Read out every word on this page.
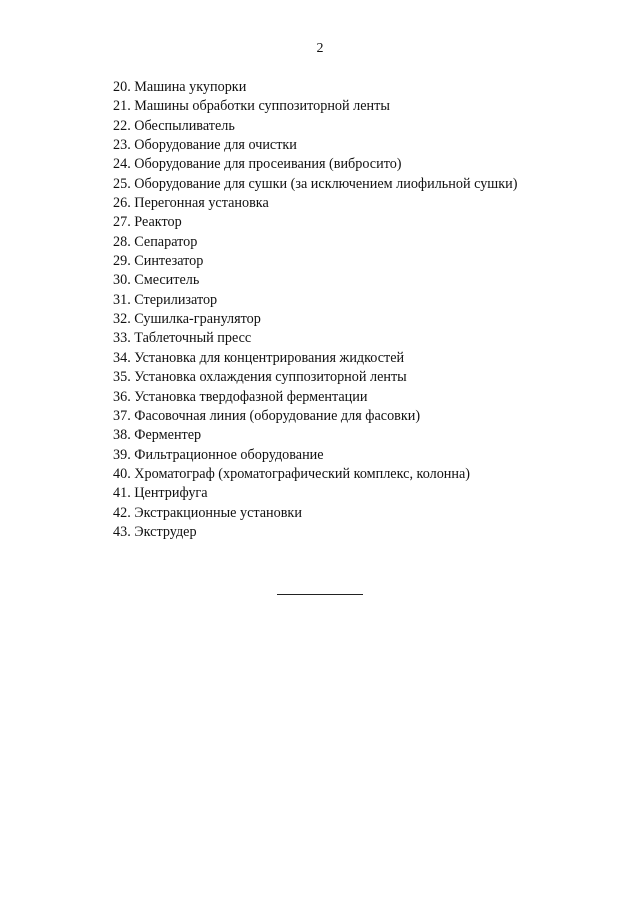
2
20. Машина укупорки
21. Машины обработки суппозиторной ленты
22. Обеспыливатель
23. Оборудование для очистки
24. Оборудование для просеивания (вибросито)
25. Оборудование для сушки (за исключением лиофильной сушки)
26. Перегонная установка
27. Реактор
28. Сепаратор
29. Синтезатор
30. Смеситель
31. Стерилизатор
32. Сушилка-гранулятор
33. Таблеточный пресс
34. Установка для концентрирования жидкостей
35. Установка охлаждения суппозиторной ленты
36. Установка твердофазной ферментации
37. Фасовочная линия (оборудование для фасовки)
38. Ферментер
39. Фильтрационное оборудование
40. Хроматограф (хроматографический комплекс, колонна)
41. Центрифуга
42. Экстракционные установки
43. Экструдер
